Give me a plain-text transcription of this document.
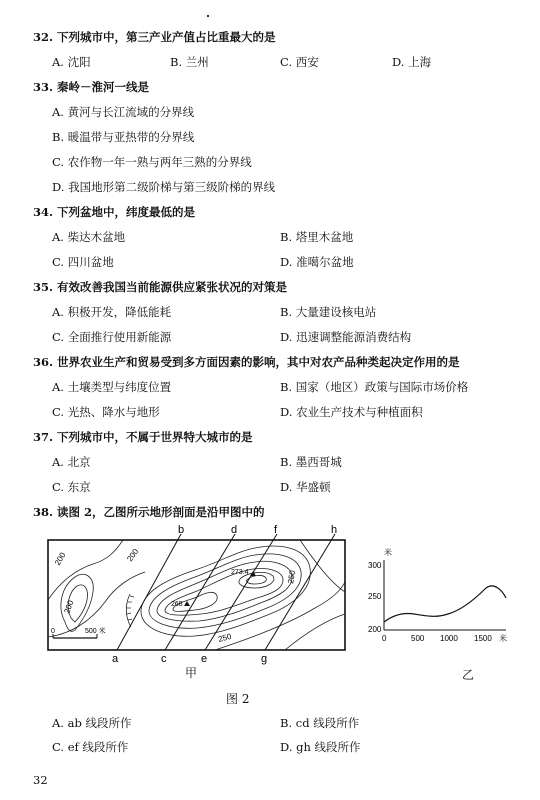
32. 下列城市中，第三产业产值占比重最大的是
A. 沈阳	B. 兰州	C. 西安	D. 上海
33. 秦岭－淮河一线是
A. 黄河与长江流域的分界线
B. 暖温带与亚热带的分界线
C. 农作物一年一熟与两年三熟的分界线
D. 我国地形第二级阶梯与第三级阶梯的界线
34. 下列盆地中，纬度最低的是
A. 柴达木盆地	B. 塔里木盆地
C. 四川盆地	D. 准噶尔盆地
35. 有效改善我国当前能源供应紧张状况的对策是
A. 积极开发，降低能耗	B. 大量建设核电站
C. 全面推行使用新能源	D. 迅速调整能源消费结构
36. 世界农业生产和贸易受到多方面因素的影响，其中对农产品种类起决定作用的是
A. 土壤类型与纬度位置	B. 国家（地区）政策与国际市场价格
C. 光热、降水与地形	D. 农业生产技术与种植面积
37. 下列城市中，不属于世界特大城市的是
A. 北京	B. 墨西哥城
C. 东京	D. 华盛顿
38. 读图 2，乙图所示地形剖面是沿甲图中的
b	d	f	h
a	c	e	g
200
200
200
250
250
273.4
268
0	500 米
甲
米
300
250
200
0	500 1000 1500 米
乙
图 2
A. ab 线段所作	B. cd 线段所作
C. ef 线段所作	D. gh 线段所作
32
